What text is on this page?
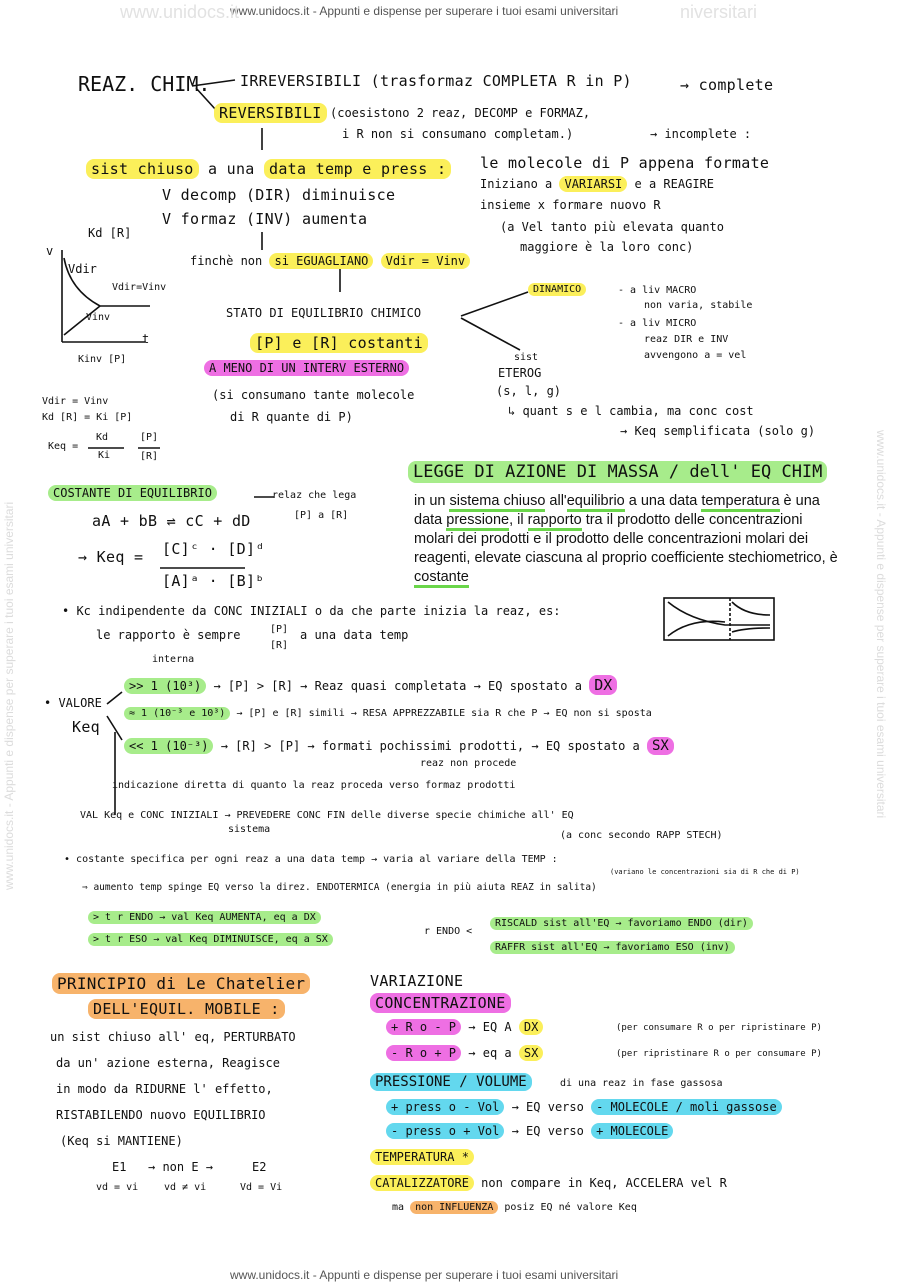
www.unidocs.it - Appunti e dispense per superare i tuoi esami universitari
www.unidocs.it	niversitari
www.unidocs.it - Appunti e dispense per superare i tuoi esami universitari
www.unidocs.it - Appunti e dispense per superare i tuoi esami universitari	www.unidocs.it - Appunti e dispense per superare i tuoi esami universitari
REAZ. CHIM. IRREVERSIBILI (trasformaz COMPLETA R in P)	→ complete
REVERSIBILI (coesistono 2 reaz, DECOMP e FORMAZ,
i R non si consumano completam.)	→ incomplete :
le molecole di P appena formate
Iniziano a VARIARSI e a REAGIRE
insieme x formare nuovo R
(a Vel tanto più elevata quanto
maggiore è la loro conc)
sist chiuso a una data temp e press :
V decomp (DIR) diminuisce
V formaz (INV) aumenta
finchè non si EGUAGLIANO Vdir = Vinv
Kd [R]
v
Vdir
Vdir=Vinv
Vinv
t
Kinv [P]
STATO DI EQUILIBRIO CHIMICO
[P] e [R] costanti
A MENO DI UN INTERV ESTERNO
(si consumano tante molecole
di R quante di P)
DINAMICO	- a liv MACRO
non varia, stabile
- a liv MICRO
reaz DIR e INV
avvengono a = vel
sist
ETEROG
(s, l, g)
↳ quant s e l cambia, ma conc cost
→ Keq semplificata (solo g)
Vdir = Vinv
Kd [R] = Ki [P]
Keq =
Kd
Ki
[P]
[R]
LEGGE DI AZIONE DI MASSA / dell' EQ CHIM
in un sistema chiuso all'equilibrio a una data temperatura è una data pressione, il rapporto tra il prodotto delle concentrazioni molari dei prodotti e il prodotto delle concentrazioni molari dei reagenti, elevate ciascuna al proprio coefficiente stechiometrico, è costante
COSTANTE DI EQUILIBRIO	relaz che lega
[P] a [R]
aA + bB ⇌ cC + dD
→ Keq = [C]ᶜ · [D]ᵈ
[A]ᵃ · [B]ᵇ
• Kc indipendente da CONC INIZIALI o da che parte inizia la reaz, es:
le rapporto è sempre	[P]
[R]
a una data temp
interna
• VALORE
Keq
>> 1 (10³) → [P] > [R] → Reaz quasi completata → EQ spostato a DX
≈ 1 (10⁻³ e 10³) → [P] e [R] simili → RESA APPREZZABILE sia R che P → EQ non si sposta
<< 1 (10⁻³) → [R] > [P] → formati pochissimi prodotti, → EQ spostato a SX
reaz non procede
indicazione diretta di quanto la reaz proceda verso formaz prodotti
VAL Keq e CONC INIZIALI → PREVEDERE CONC FIN delle diverse specie chimiche all' EQ
sistema
(a conc secondo RAPP STECH)
• costante specifica per ogni reaz a una data temp → varia al variare della TEMP :
(variano le concentrazioni sia di R che di P)
⇒ aumento temp spinge EQ verso la direz. ENDOTERMICA (energia in più aiuta REAZ in salita)
> t r ENDO → val Keq AUMENTA, eq a DX
> t r ESO → val Keq DIMINUISCE, eq a SX
r ENDO <
RISCALD sist all'EQ → favoriamo ENDO (dir)
RAFFR sist all'EQ → favoriamo ESO (inv)
PRINCIPIO di Le Chatelier
DELL'EQUIL. MOBILE :
un sist chiuso all' eq, PERTURBATO
da un' azione esterna, Reagisce
in modo da RIDURNE l' effetto,
RISTABILENDO nuovo EQUILIBRIO
(Keq si MANTIENE)
E1 → non E →	E2
vd = vi	vd ≠ vi	Vd = Vi
VARIAZIONE
CONCENTRAZIONE
+ R o - P → EQ A DX	(per consumare R o per ripristinare P)
- R o + P → eq a SX	(per ripristinare R o per consumare P)
PRESSIONE / VOLUME	di una reaz in fase gassosa
+ press o - Vol → EQ verso - MOLECOLE / moli gassose
- press o + Vol → EQ verso + MOLECOLE
TEMPERATURA *
CATALIZZATORE non compare in Keq, ACCELERA vel R
ma non INFLUENZA posiz EQ né valore Keq
